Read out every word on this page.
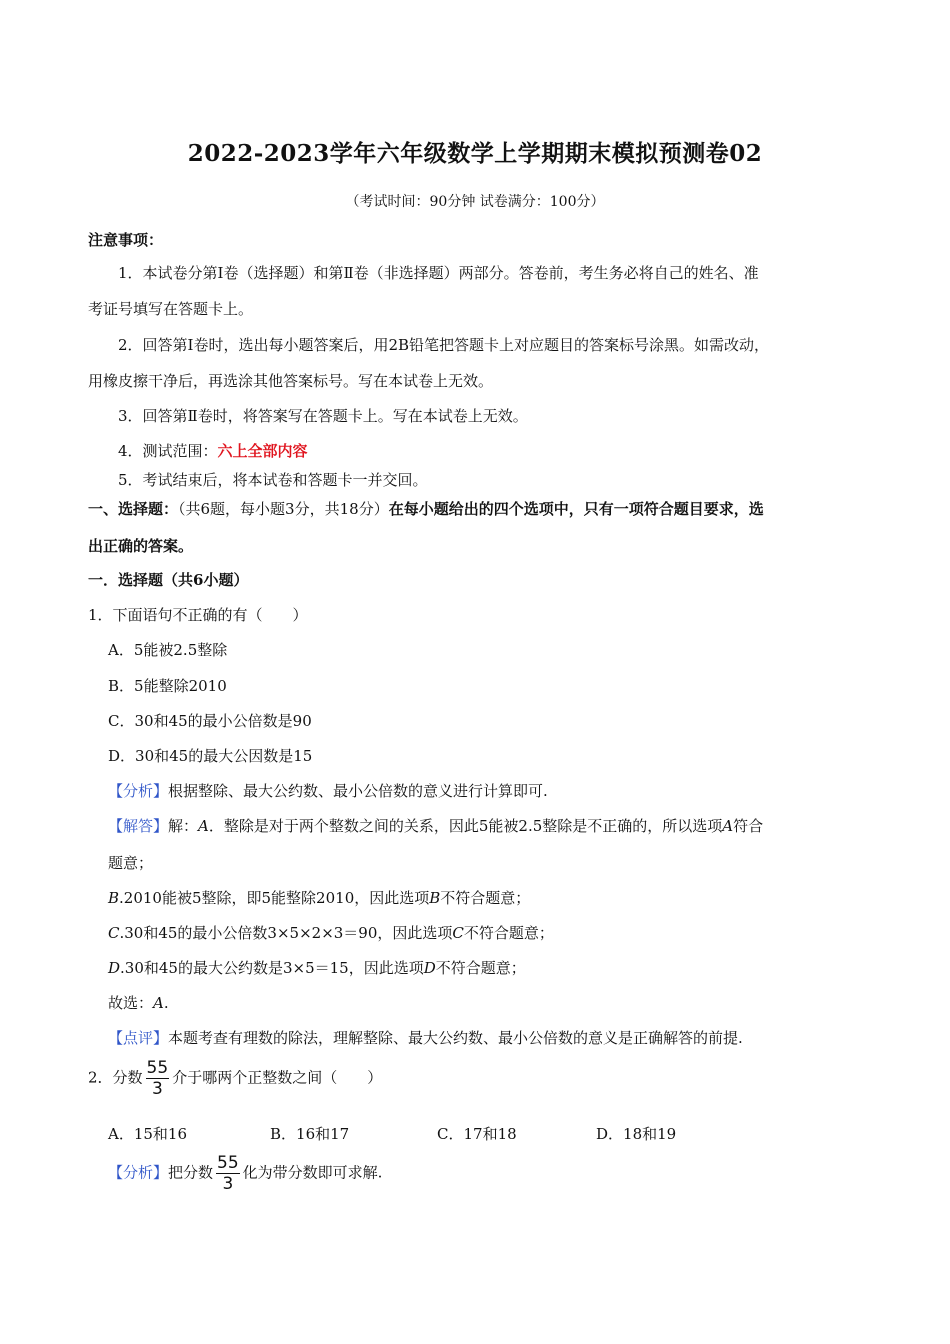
2022-2023学年六年级数学上学期期末模拟预测卷02
（考试时间：90分钟 试卷满分：100分）
注意事项：
1．本试卷分第Ⅰ卷（选择题）和第Ⅱ卷（非选择题）两部分。答卷前，考生务必将自己的姓名、准
考证号填写在答题卡上。
2．回答第Ⅰ卷时，选出每小题答案后，用2B铅笔把答题卡上对应题目的答案标号涂黑。如需改动，
用橡皮擦干净后，再选涂其他答案标号。写在本试卷上无效。
3．回答第Ⅱ卷时，将答案写在答题卡上。写在本试卷上无效。
4．测试范围：六上全部内容
5．考试结束后，将本试卷和答题卡一并交回。
一、选择题：（共6题，每小题3分，共18分）在每小题给出的四个选项中，只有一项符合题目要求，选
出正确的答案。
一．选择题（共6小题）
1．下面语句不正确的有（　　）
A．5能被2.5整除
B．5能整除2010
C．30和45的最小公倍数是90
D．30和45的最大公因数是15
【分析】根据整除、最大公约数、最小公倍数的意义进行计算即可.
【解答】解：A．整除是对于两个整数之间的关系，因此5能被2.5整除是不正确的，所以选项A符合
题意；
B.2010能被5整除，即5能整除2010，因此选项B不符合题意；
C.30和45的最小公倍数3×5×2×3＝90，因此选项C不符合题意；
D.30和45的最大公约数是3×5＝15，因此选项D不符合题意；
故选：A.
【点评】本题考查有理数的除法，理解整除、最大公约数、最小公倍数的意义是正确解答的前提.
2．分数 $\frac{55}{3}$ 介于哪两个正整数之间（　　）
A．15和16	B．16和17	C．17和18	D．18和19
【分析】把分数 $\frac{55}{3}$ 化为带分数即可求解.
